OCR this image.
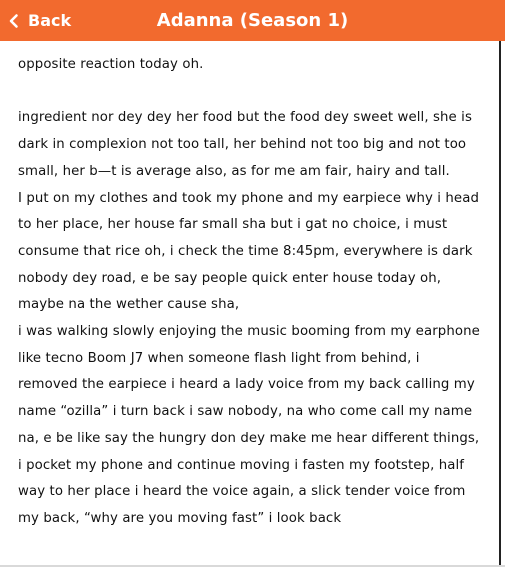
Back	Adanna (Season 1)

opposite reaction today oh.

ingredient nor dey dey her food but the food dey sweet well, she is dark in complexion not too tall, her behind not too big and not too small, her b—t is average also, as for me am fair, hairy and tall.

I put on my clothes and took my phone and my earpiece why i head to her place, her house far small sha but i gat no choice, i must consume that rice oh, i check the time 8:45pm, everywhere is dark nobody dey road, e be say people quick enter house today oh, maybe na the wether cause sha,

i was walking slowly enjoying the music booming from my earphone like tecno Boom J7 when someone flash light from behind, i removed the earpiece i heard a lady voice from my back calling my name “ozilla” i turn back i saw nobody, na who come call my name na, e be like say the hungry don dey make me hear different things, i pocket my phone and continue moving i fasten my footstep, half way to her place i heard the voice again, a slick tender voice from my back, “why are you moving fast” i look back
